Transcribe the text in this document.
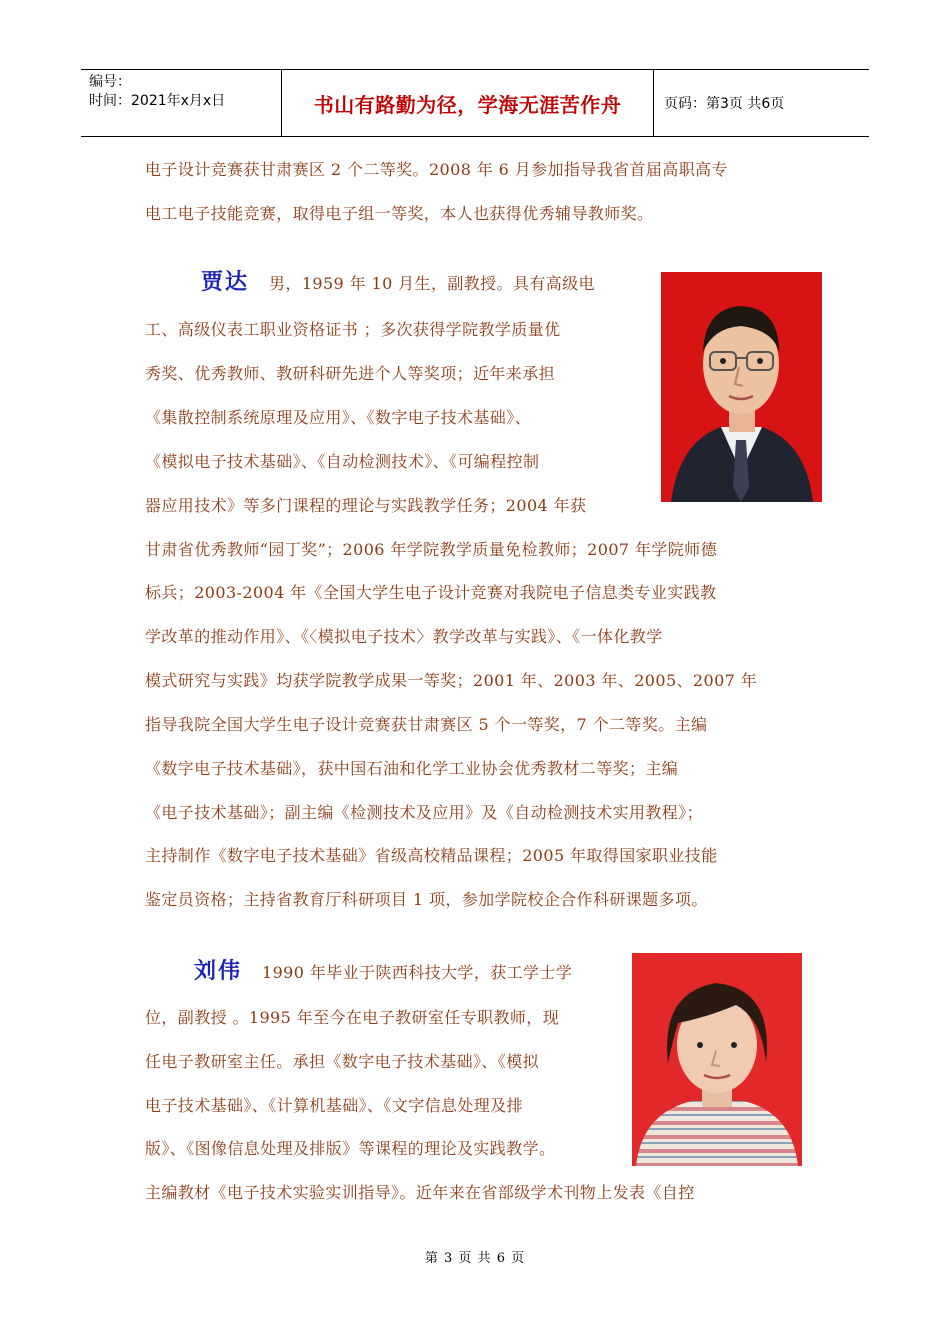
编号：
时间：2021年x月x日	书山有路勤为径，学海无涯苦作舟	页码：第3页 共6页
电子设计竞赛获甘肃赛区 2 个二等奖。2008 年 6 月参加指导我省首届高职高专
电工电子技能竞赛，取得电子组一等奖，本人也获得优秀辅导教师奖。
贾达 男，1959 年 10 月生，副教授。具有高级电
工、高级仪表工职业资格证书 ；多次获得学院教学质量优
秀奖、优秀教师、教研科研先进个人等奖项；近年来承担
《集散控制系统原理及应用》、《数字电子技术基础》、
《模拟电子技术基础》、《自动检测技术》、《可编程控制
器应用技术》等多门课程的理论与实践教学任务；2004 年获
甘肃省优秀教师“园丁奖”；2006 年学院教学质量免检教师；2007 年学院师德
标兵；2003-2004 年《全国大学生电子设计竞赛对我院电子信息类专业实践教
学改革的推动作用》、《〈模拟电子技术〉教学改革与实践》、《一体化教学
模式研究与实践》均获学院教学成果一等奖；2001 年、2003 年、2005、2007 年
指导我院全国大学生电子设计竞赛获甘肃赛区 5 个一等奖，7 个二等奖。主编
《数字电子技术基础》，获中国石油和化学工业协会优秀教材二等奖；主编
《电子技术基础》；副主编《检测技术及应用》及《自动检测技术实用教程》；
主持制作《数字电子技术基础》省级高校精品课程；2005 年取得国家职业技能
鉴定员资格；主持省教育厅科研项目 1 项，参加学院校企合作科研课题多项。
刘伟 1990 年毕业于陕西科技大学，获工学士学
位，副教授 。1995 年至今在电子教研室任专职教师，现
任电子教研室主任。承担《数字电子技术基础》、《模拟
电子技术基础》、《计算机基础》、《文字信息处理及排
版》、《图像信息处理及排版》等课程的理论及实践教学。
主编教材《电子技术实验实训指导》。近年来在省部级学术刊物上发表《自控
第 3 页 共 6 页
